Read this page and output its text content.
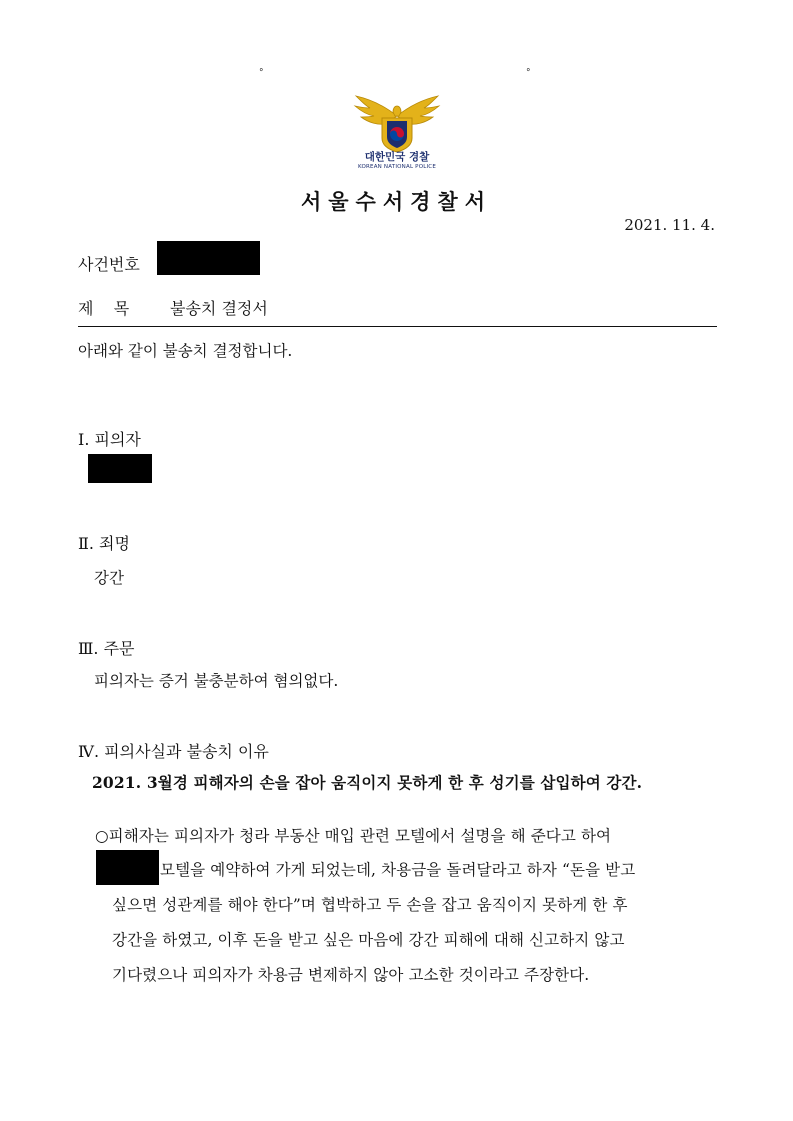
°	°
대한민국 경찰
KOREAN NATIONAL POLICE
서울수서경찰서
2021. 11. 4.
사건번호
제    목	불송치 결정서
아래와 같이 불송치 결정합니다.
Ⅰ. 피의자
Ⅱ. 죄명
강간
Ⅲ. 주문
피의자는 증거 불충분하여 혐의없다.
Ⅳ. 피의사실과 불송치 이유
2021. 3월경 피해자의 손을 잡아 움직이지 못하게 한 후 성기를 삽입하여 강간.
○피해자는 피의자가 청라 부동산 매입 관련 모텔에서 설명을 해 준다고 하여
모텔을 예약하여 가게 되었는데, 차용금을 돌려달라고 하자 “돈을 받고
싶으면 성관계를 해야 한다”며 협박하고 두 손을 잡고 움직이지 못하게 한 후
강간을 하였고, 이후 돈을 받고 싶은 마음에 강간 피해에 대해 신고하지 않고
기다렸으나 피의자가 차용금 변제하지 않아 고소한 것이라고 주장한다.
